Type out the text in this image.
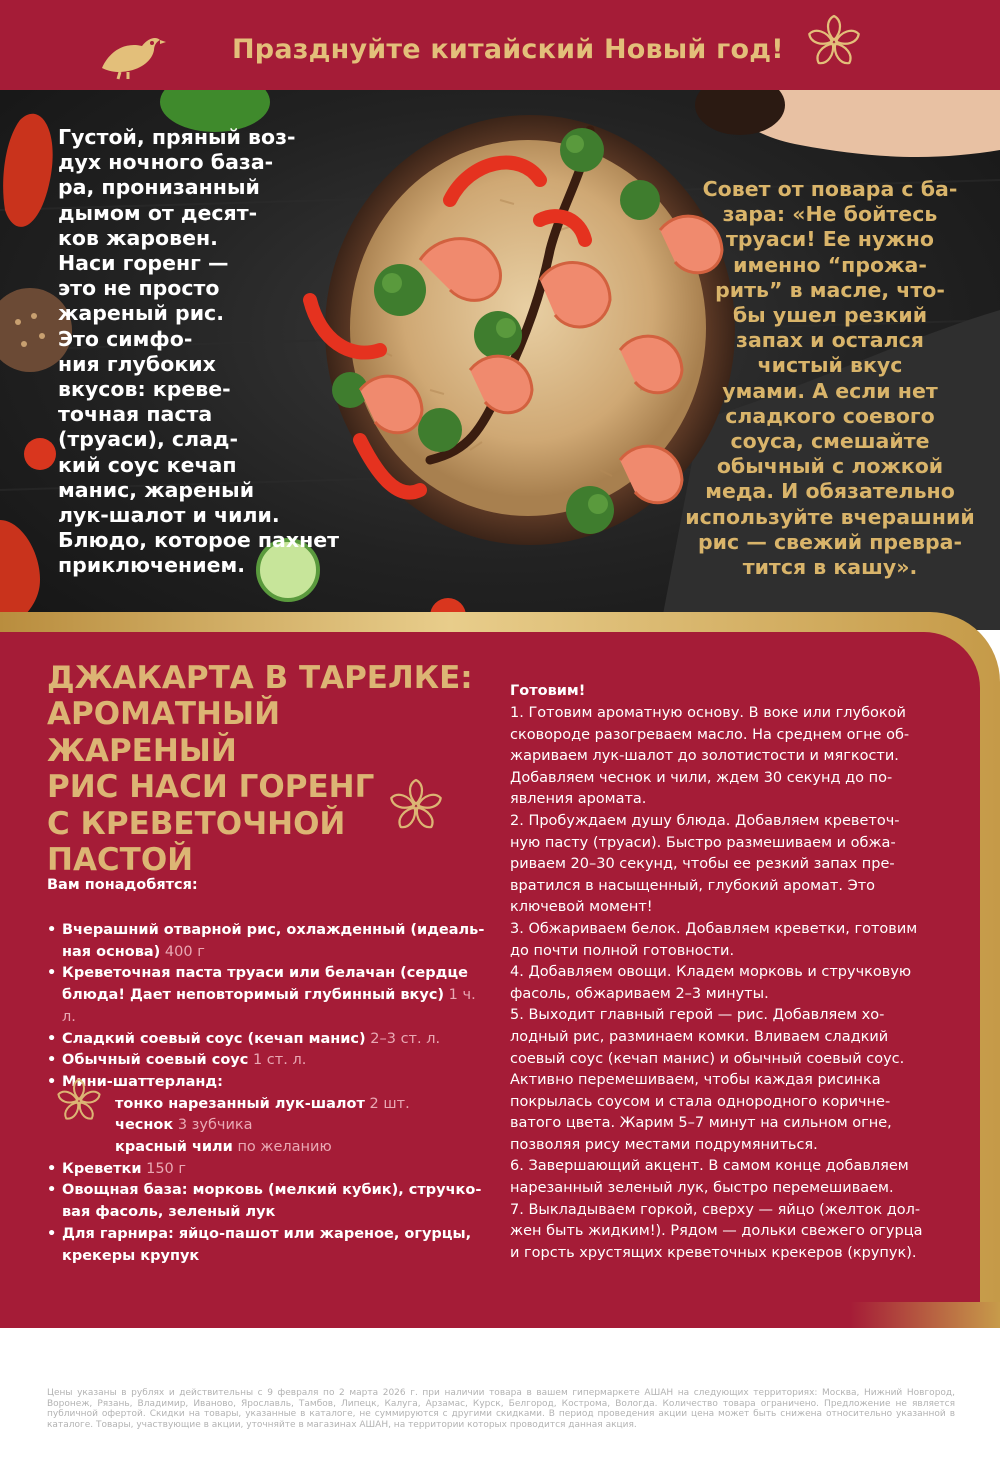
Празднуйте китайский Новый год!
Густой, пряный воз-
дух ночного база-
ра, пронизанный
дымом от десят-
ков жаровен.
Наси горенг —
это не просто
жареный рис.
Это симфо-
ния глубоких
вкусов: крeве-
точная паста
(труаси), слад-
кий соус кечап
манис, жареный
лук-шалот и чили.
Блюдо, которое пахнет
приключением.
Совет от повара с ба-
зара: «Не бойтесь
труаси! Ее нужно
именно “прожа-
рить” в масле, что-
бы ушел резкий
запах и остался
чистый вкус
умами. А если нет
сладкого соевого
соуса, смешайте
обычный с ложкой
меда. И обязательно
используйте вчерашний
рис — свежий превра-
тится в кашу».
ДЖАКАРТА В ТАРЕЛКЕ:
АРОМАТНЫЙ ЖАРЕНЫЙ
РИС НАСИ ГОРЕНГ
С КРЕВЕТОЧНОЙ
ПАСТОЙ
Вам понадобятся:
• Вчерашний отварной рис, охлажденный (идеаль-ная основа) 400 г
• Креветочная паста труаси или белачан (сердце блюда! Дает неповторимый глубинный вкус) 1 ч. л.
• Сладкий соевый соус (кечап манис) 2–3 ст. л.
• Обычный соевый соус 1 ст. л.
• Мини-шаттерланд:
тонко нарезанный лук-шалот 2 шт.
чеснок 3 зубчика
красный чили по желанию
• Креветки 150 г
• Овощная база: морковь (мелкий кубик), стручко-вая фасоль, зеленый лук
• Для гарнира: яйцо-пашот или жареное, огурцы, крекеры крупук
Готовим!

1. Готовим ароматную основу. В воке или глубокой
сковороде разогреваем масло. На среднем огне об-
жариваем лук-шалот до золотистости и мягкости.
Добавляем чеснок и чили, ждем 30 секунд до по-
явления аромата.

2. Пробуждаем душу блюда. Добавляем креветоч-
ную пасту (труаси). Быстро размешиваем и обжа-
риваем 20–30 секунд, чтобы ее резкий запах пре-
вратился в насыщенный, глубокий аромат. Это
ключевой момент!

3. Обжариваем белок. Добавляем креветки, готовим
до почти полной готовности.

4. Добавляем овощи. Кладем морковь и стручковую
фасоль, обжариваем 2–3 минуты.

5. Выходит главный герой — рис. Добавляем хо-
лодный рис, разминаем комки. Вливаем сладкий
соевый соус (кечап манис) и обычный соевый соус.
Активно перемешиваем, чтобы каждая рисинка
покрылась соусом и стала однородного коричне-
ватого цвета. Жарим 5–7 минут на сильном огне,
позволяя рису местами подрумяниться.

6. Завершающий акцент. В самом конце добавляем
нарезанный зеленый лук, быстро перемешиваем.

7. Выкладываем горкой, сверху — яйцо (желток дол-
жен быть жидким!). Рядом — дольки свежего огурца
и горсть хрустящих креветочных крекеров (крупук).

Цены указаны в рублях и действительны с 9 февраля по 2 марта 2026 г. при наличии товара в вашем гипермаркете АШАН на следующих территориях: Москва, Нижний Новгород, Воронеж, Рязань, Владимир, Иваново, Ярославль, Тамбов, Липецк, Калуга, Арзамас, Курск, Белгород, Кострома, Вологда. Количество товара ограничено. Предложение не является публичной офертой. Скидки на товары, указанные в каталоге, не суммируются с другими скидками. В период проведения акции цена может быть снижена относительно указанной в каталоге. Товары, участвующие в акции, уточняйте в магазинах АШАН, на территории которых проводится данная акция.
